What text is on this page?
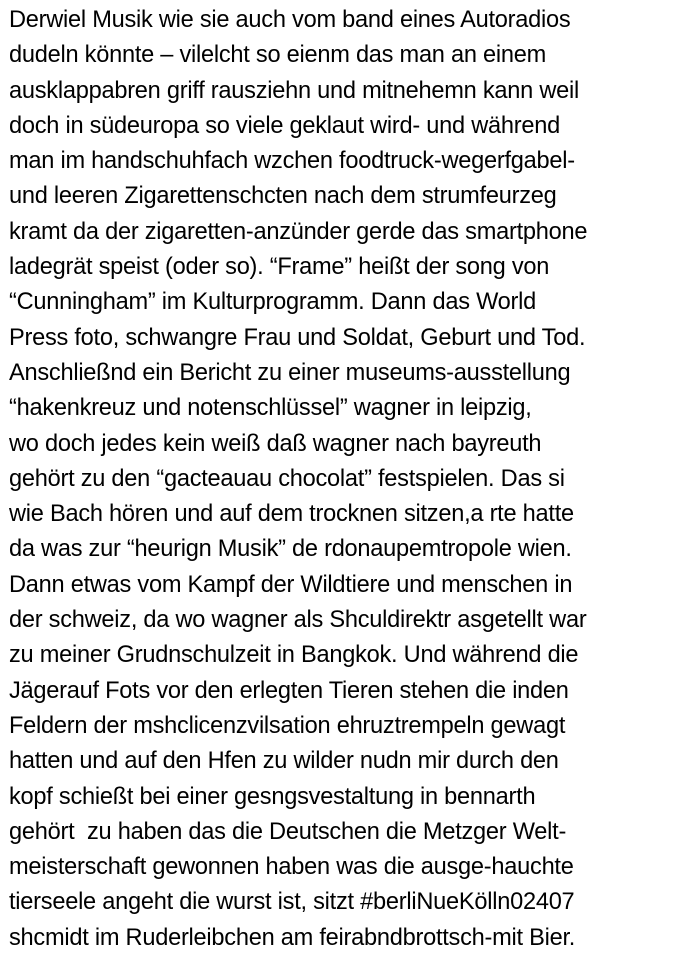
Derwiel Musik wie sie auch vom band eines Autoradios
dudeln könnte – vilelcht so eienm das man an einem
ausklappabren griff rausziehn und mitnehemn kann weil
doch in südeuropa so viele geklaut wird- und während
man im handschuhfach wzchen foodtruck-wegerfgabel-
und leeren Zigarettenschcten nach dem strumfeurzeg
kramt da der zigaretten-anzünder gerde das smartphone
ladegrät speist (oder so). “Frame” heißt der song von
“Cunningham” im Kulturprogramm. Dann das World
Press foto, schwangre Frau und Soldat, Geburt und Tod.
Anschließnd ein Bericht zu einer museums-ausstellung
“hakenkreuz und notenschlüssel” wagner in leipzig,
wo doch jedes kein weiß daß wagner nach bayreuth
gehört zu den “gacteauau chocolat” festspielen. Das si
wie Bach hören und auf dem trocknen sitzen,a rte hatte
da was zur “heurign Musik” de rdonaupemtropole wien.
Dann etwas vom Kampf der Wildtiere und menschen in
der schweiz, da wo wagner als Shculdirektr asgetellt war
zu meiner Grudnschulzeit in Bangkok. Und während die
Jägerauf Fots vor den erlegten Tieren stehen die inden
Feldern der mshclicenzvilsation ehruztrempeln gewagt
hatten und auf den Hfen zu wilder nudn mir durch den
kopf schießt bei einer gesngsvestaltung in bennarth
gehört  zu haben das die Deutschen die Metzger Welt-
meisterschaft gewonnen haben was die ausge-hauchte
tierseele angeht die wurst ist, sitzt #berliNueKölln02407
shcmidt im Ruderleibchen am feirabndbrottsch-mit Bier.
